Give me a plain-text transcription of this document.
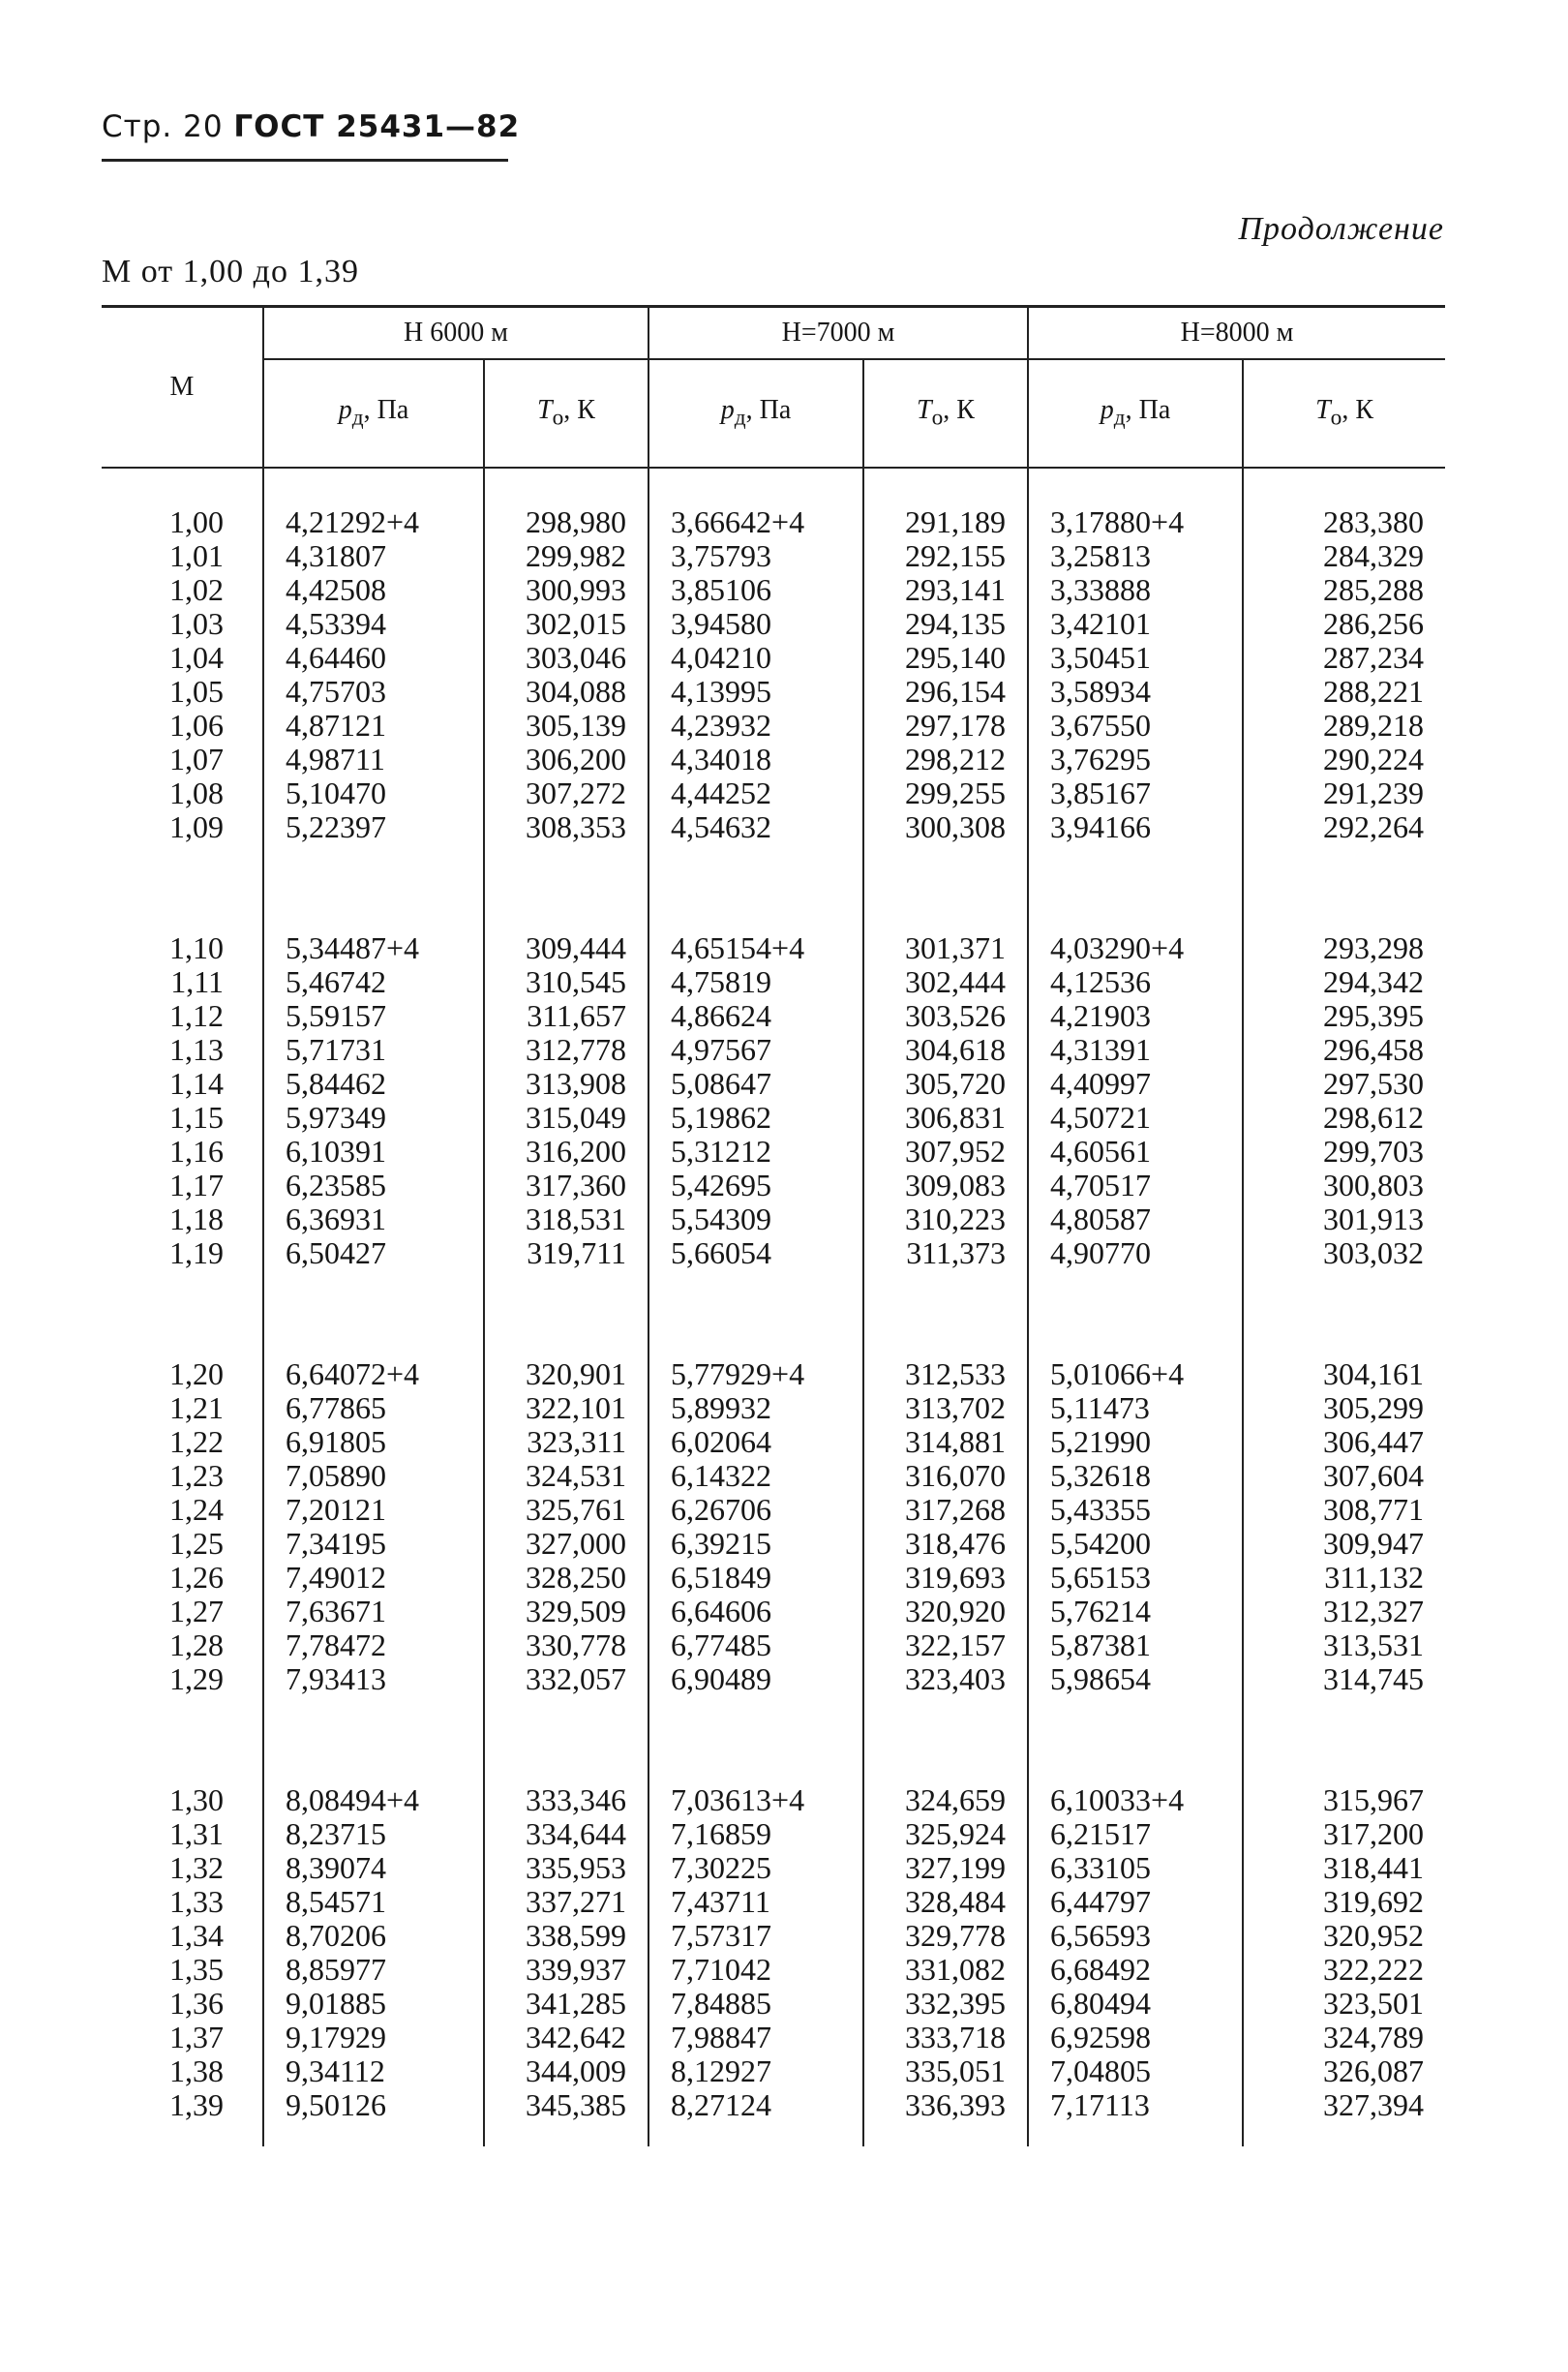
Стр. 20 ГОСТ 25431—82
Продолжение
М от 1,00 до 1,39
М	Н 6000 м		Н=7000 м		Н=8000 м	
	$р_д$, Па	$Т_о$, К	$р_д$, Па	$Т_о$, К	$р_д$, Па	$Т_о$, К
1,00	4,21292+4	298,980	3,66642+4	291,189	3,17880+4	283,380
1,01	4,31807	299,982	3,75793	292,155	3,25813	284,329
1,02	4,42508	300,993	3,85106	293,141	3,33888	285,288
1,03	4,53394	302,015	3,94580	294,135	3,42101	286,256
1,04	4,64460	303,046	4,04210	295,140	3,50451	287,234
1,05	4,75703	304,088	4,13995	296,154	3,58934	288,221
1,06	4,87121	305,139	4,23932	297,178	3,67550	289,218
1,07	4,98711	306,200	4,34018	298,212	3,76295	290,224
1,08	5,10470	307,272	4,44252	299,255	3,85167	291,239
1,09	5,22397	308,353	4,54632	300,308	3,94166	292,264
1,10	5,34487+4	309,444	4,65154+4	301,371	4,03290+4	293,298
1,11	5,46742	310,545	4,75819	302,444	4,12536	294,342
1,12	5,59157	311,657	4,86624	303,526	4,21903	295,395
1,13	5,71731	312,778	4,97567	304,618	4,31391	296,458
1,14	5,84462	313,908	5,08647	305,720	4,40997	297,530
1,15	5,97349	315,049	5,19862	306,831	4,50721	298,612
1,16	6,10391	316,200	5,31212	307,952	4,60561	299,703
1,17	6,23585	317,360	5,42695	309,083	4,70517	300,803
1,18	6,36931	318,531	5,54309	310,223	4,80587	301,913
1,19	6,50427	319,711	5,66054	311,373	4,90770	303,032
1,20	6,64072+4	320,901	5,77929+4	312,533	5,01066+4	304,161
1,21	6,77865	322,101	5,89932	313,702	5,11473	305,299
1,22	6,91805	323,311	6,02064	314,881	5,21990	306,447
1,23	7,05890	324,531	6,14322	316,070	5,32618	307,604
1,24	7,20121	325,761	6,26706	317,268	5,43355	308,771
1,25	7,34195	327,000	6,39215	318,476	5,54200	309,947
1,26	7,49012	328,250	6,51849	319,693	5,65153	311,132
1,27	7,63671	329,509	6,64606	320,920	5,76214	312,327
1,28	7,78472	330,778	6,77485	322,157	5,87381	313,531
1,29	7,93413	332,057	6,90489	323,403	5,98654	314,745
1,30	8,08494+4	333,346	7,03613+4	324,659	6,10033+4	315,967
1,31	8,23715	334,644	7,16859	325,924	6,21517	317,200
1,32	8,39074	335,953	7,30225	327,199	6,33105	318,441
1,33	8,54571	337,271	7,43711	328,484	6,44797	319,692
1,34	8,70206	338,599	7,57317	329,778	6,56593	320,952
1,35	8,85977	339,937	7,71042	331,082	6,68492	322,222
1,36	9,01885	341,285	7,84885	332,395	6,80494	323,501
1,37	9,17929	342,642	7,98847	333,718	6,92598	324,789
1,38	9,34112	344,009	8,12927	335,051	7,04805	326,087
1,39	9,50126	345,385	8,27124	336,393	7,17113	327,394
